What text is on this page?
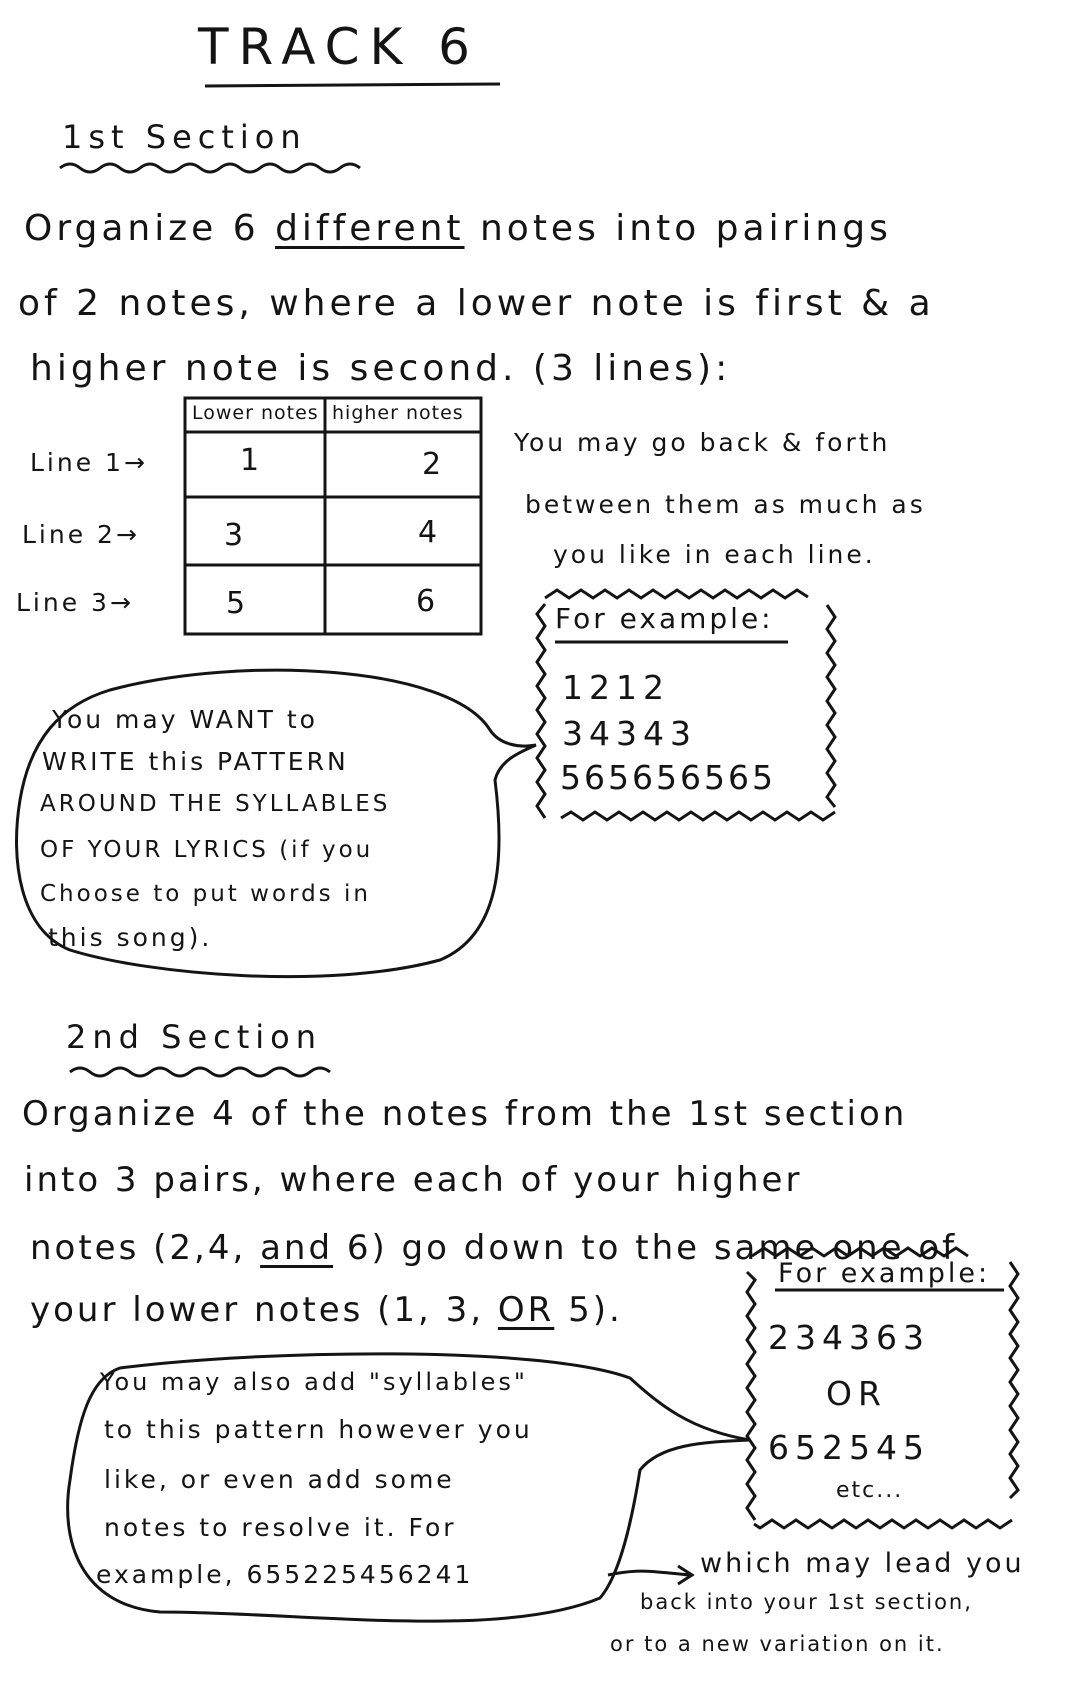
TRACK 6
1st Section
Organize 6 different notes into pairings
of 2 notes, where a lower note is first & a
higher note is second. (3 lines):
Lower notes higher notes
Line 1→	1	2
Line 2→	3	4
Line 3→	5	6
You may go back & forth
between them as much as
you like in each line.
For example:
1212
34343
565656565
You may WANT to
WRITE this PATTERN
AROUND THE SYLLABLES
OF YOUR LYRICS (if you
Choose to put words in
this song).
2nd Section
Organize 4 of the notes from the 1st section
into 3 pairs, where each of your higher
notes (2,4, and 6) go down to the same one of
your lower notes (1, 3, OR 5).
For example:
234363
OR
652545
etc...
You may also add "syllables"
to this pattern however you
like, or even add some
notes to resolve it. For
example, 655225456241	which may lead you
back into your 1st section,
or to a new variation on it.
